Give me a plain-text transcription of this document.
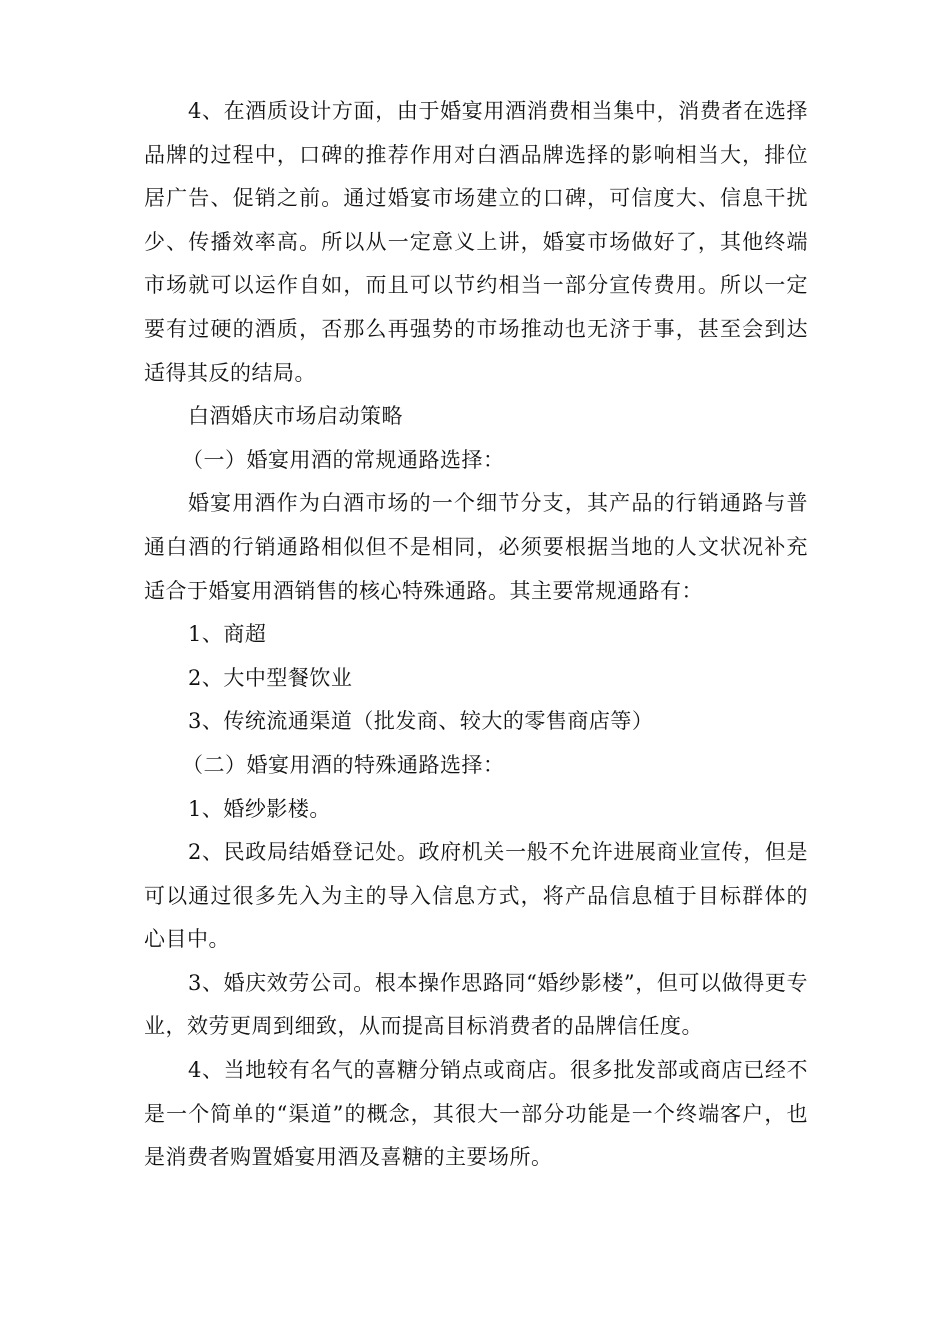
4、在酒质设计方面，由于婚宴用酒消费相当集中，消费者在选择品牌的过程中，口碑的推荐作用对白酒品牌选择的影响相当大，排位居广告、促销之前。通过婚宴市场建立的口碑，可信度大、信息干扰少、传播效率高。所以从一定意义上讲，婚宴市场做好了，其他终端市场就可以运作自如，而且可以节约相当一部分宣传费用。所以一定要有过硬的酒质，否那么再强势的市场推动也无济于事，甚至会到达适得其反的结局。

白酒婚庆市场启动策略

（一）婚宴用酒的常规通路选择：

婚宴用酒作为白酒市场的一个细节分支，其产品的行销通路与普通白酒的行销通路相似但不是相同，必须要根据当地的人文状况补充适合于婚宴用酒销售的核心特殊通路。其主要常规通路有：

1、商超

2、大中型餐饮业

3、传统流通渠道（批发商、较大的零售商店等）

（二）婚宴用酒的特殊通路选择：

1、婚纱影楼。

2、民政局结婚登记处。政府机关一般不允许进展商业宣传，但是可以通过很多先入为主的导入信息方式，将产品信息植于目标群体的心目中。

3、婚庆效劳公司。根本操作思路同“婚纱影楼”，但可以做得更专业，效劳更周到细致，从而提高目标消费者的品牌信任度。

4、当地较有名气的喜糖分销点或商店。很多批发部或商店已经不是一个简单的“渠道”的概念，其很大一部分功能是一个终端客户，也是消费者购置婚宴用酒及喜糖的主要场所。
